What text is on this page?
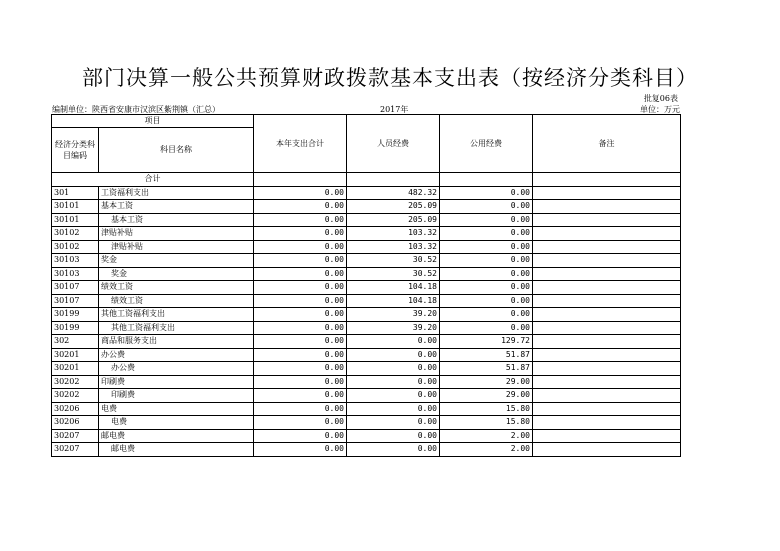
部门决算一般公共预算财政拨款基本支出表（按经济分类科目）
批复06表
编制单位：陕西省安康市汉滨区紫荆镇（汇总）	2017年	单位：万元
项目		本年支出合计	人员经费	公用经费	备注
经济分类科目编码	科目名称				

合计					
301	工资福利支出	0.00	482.32	0.00	
30101	基本工资	0.00	205.09	0.00	
30101	基本工资	0.00	205.09	0.00	
30102	津贴补贴	0.00	103.32	0.00	
30102	津贴补贴	0.00	103.32	0.00	
30103	奖金	0.00	30.52	0.00	
30103	奖金	0.00	30.52	0.00	
30107	绩效工资	0.00	104.18	0.00	
30107	绩效工资	0.00	104.18	0.00	
30199	其他工资福利支出	0.00	39.20	0.00	
30199	其他工资福利支出	0.00	39.20	0.00	
302	商品和服务支出	0.00	0.00	129.72	
30201	办公费	0.00	0.00	51.87	
30201	办公费	0.00	0.00	51.87	
30202	印刷费	0.00	0.00	29.00	
30202	印刷费	0.00	0.00	29.00	
30206	电费	0.00	0.00	15.80	
30206	电费	0.00	0.00	15.80	
30207	邮电费	0.00	0.00	2.00	
30207	邮电费	0.00	0.00	2.00	
